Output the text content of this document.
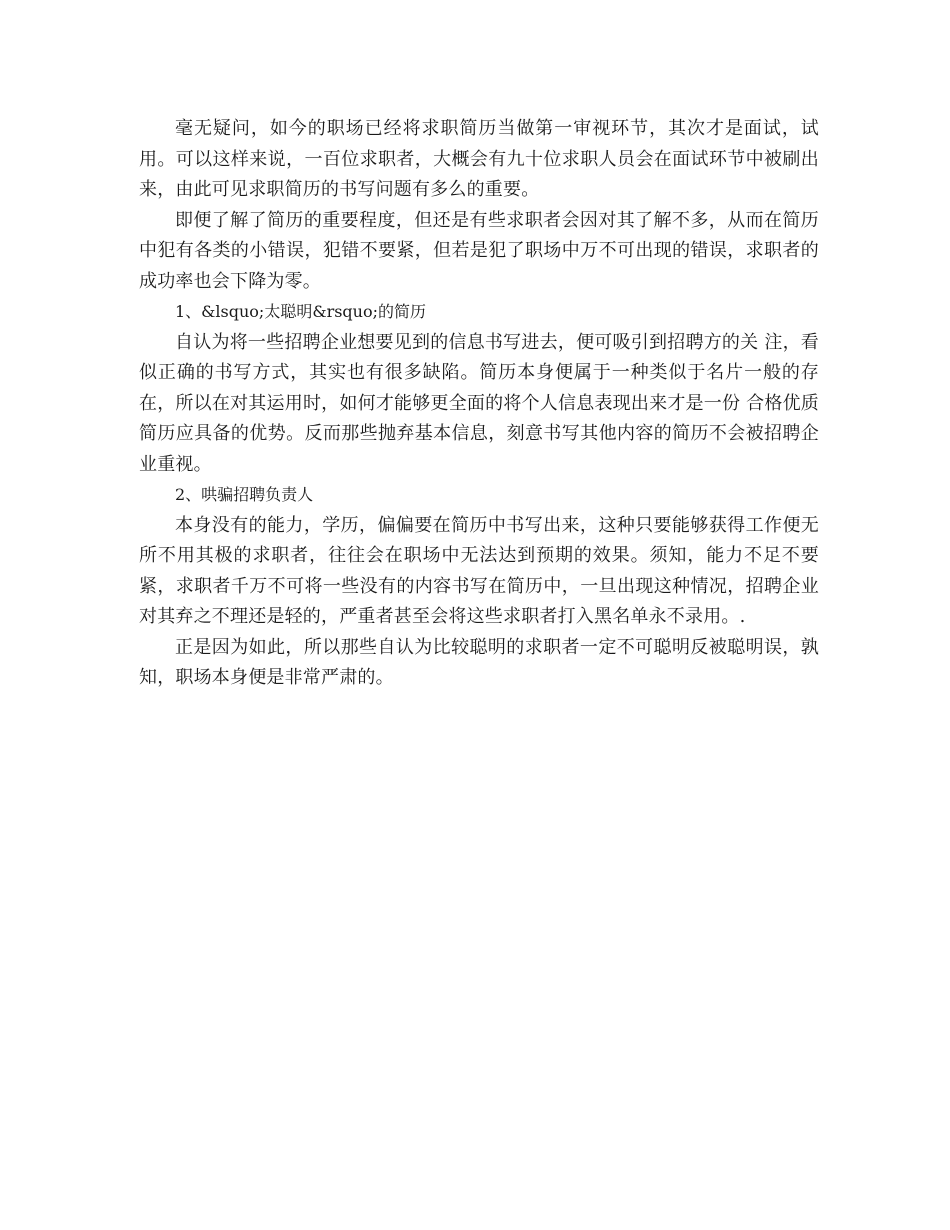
毫无疑问，如今的职场已经将求职简历当做第一审视环节，其次才是面试，试用。可以这样来说，一百位求职者，大概会有九十位求职人员会在面试环节中被刷出来，由此可见求职简历的书写问题有多么的重要。

即便了解了简历的重要程度，但还是有些求职者会因对其了解不多，从而在简历中犯有各类的小错误，犯错不要紧，但若是犯了职场中万不可出现的错误，求职者的成功率也会下降为零。

1、&lsquo;太聪明&rsquo;的简历

自认为将一些招聘企业想要见到的信息书写进去，便可吸引到招聘方的关 注，看似正确的书写方式，其实也有很多缺陷。简历本身便属于一种类似于名片一般的存在，所以在对其运用时，如何才能够更全面的将个人信息表现出来才是一份 合格优质简历应具备的优势。反而那些抛弃基本信息，刻意书写其他内容的简历不会被招聘企业重视。

2、哄骗招聘负责人

本身没有的能力，学历，偏偏要在简历中书写出来，这种只要能够获得工作便无所不用其极的求职者，往往会在职场中无法达到预期的效果。须知，能力不足不要紧，求职者千万不可将一些没有的内容书写在简历中，一旦出现这种情况，招聘企业对其弃之不理还是轻的，严重者甚至会将这些求职者打入黑名单永不录用。.

正是因为如此，所以那些自认为比较聪明的求职者一定不可聪明反被聪明误，孰知，职场本身便是非常严肃的。
